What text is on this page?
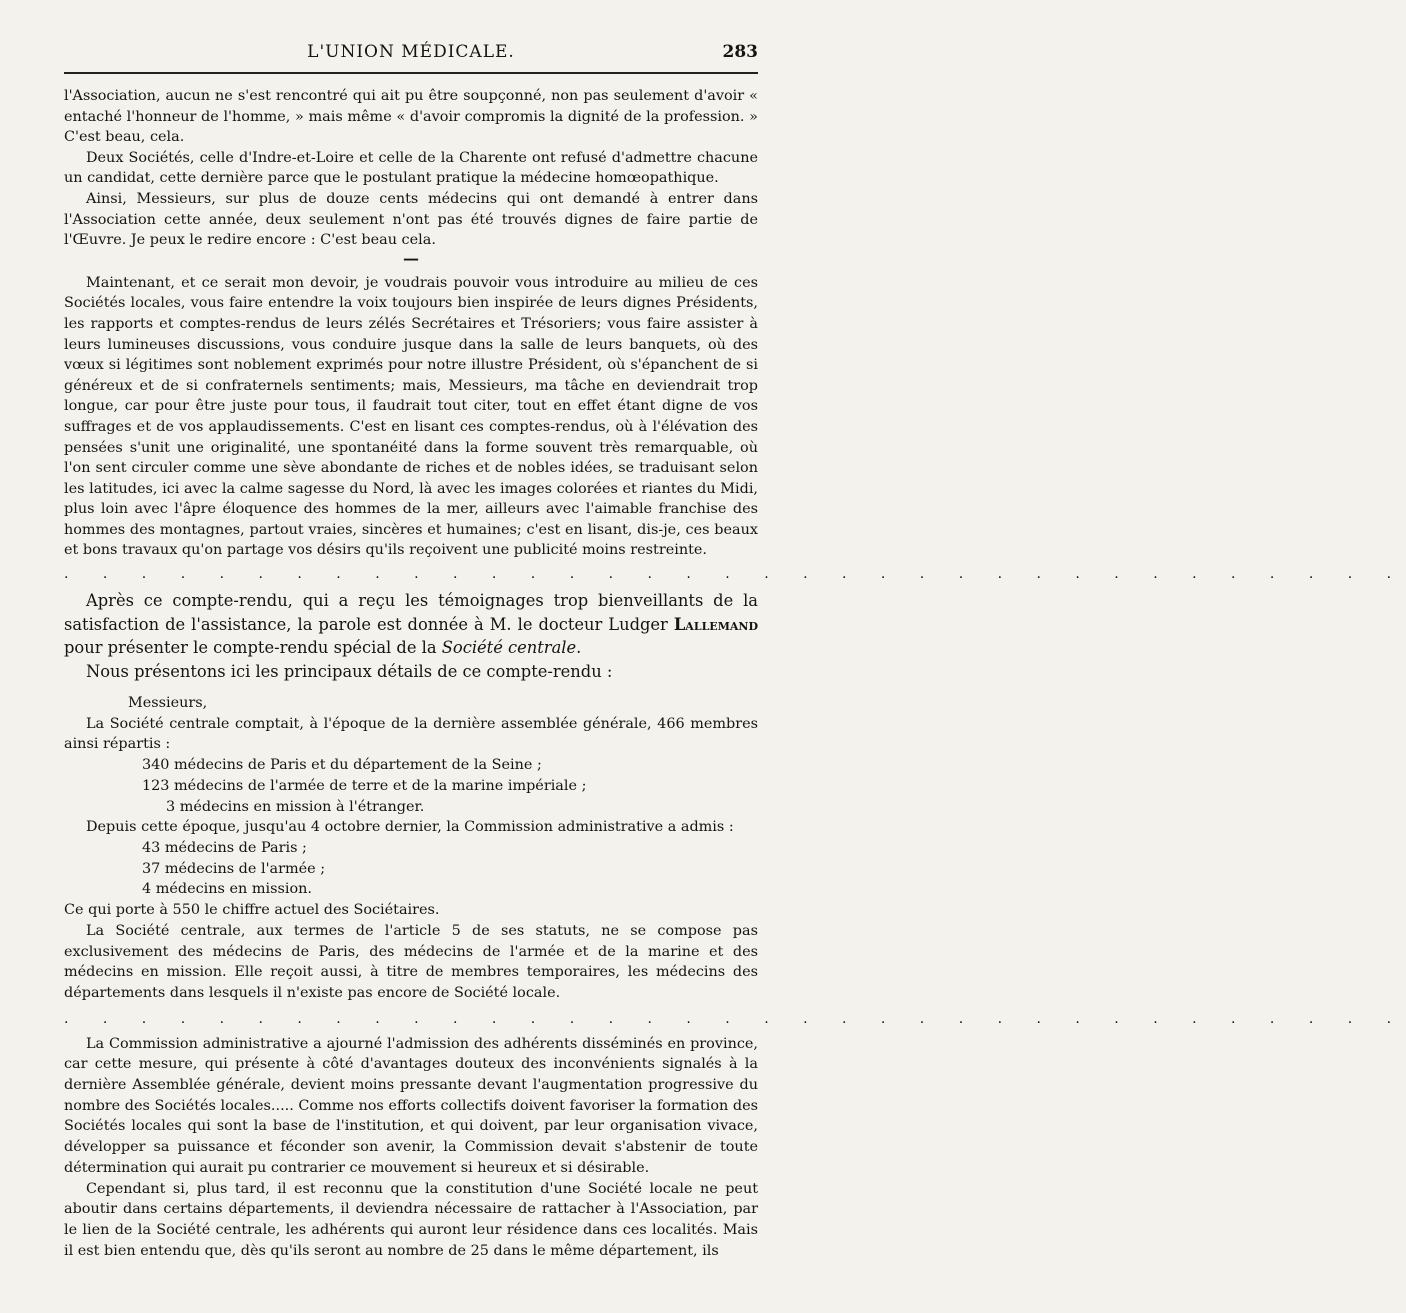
L'UNION MÉDICALE.	283

l'Association, aucun ne s'est rencontré qui ait pu être soupçonné, non pas seulement d'avoir « entaché l'honneur de l'homme, » mais même « d'avoir compromis la dignité de la profession. » C'est beau, cela.

Deux Sociétés, celle d'Indre-et-Loire et celle de la Charente ont refusé d'admettre chacune un candidat, cette dernière parce que le postulant pratique la médecine homœopathique.

Ainsi, Messieurs, sur plus de douze cents médecins qui ont demandé à entrer dans l'Association cette année, deux seulement n'ont pas été trouvés dignes de faire partie de l'Œuvre. Je peux le redire encore : C'est beau cela.

—

Maintenant, et ce serait mon devoir, je voudrais pouvoir vous introduire au milieu de ces Sociétés locales, vous faire entendre la voix toujours bien inspirée de leurs dignes Présidents, les rapports et comptes-rendus de leurs zélés Secrétaires et Trésoriers; vous faire assister à leurs lumineuses discussions, vous conduire jusque dans la salle de leurs banquets, où des vœux si légitimes sont noblement exprimés pour notre illustre Président, où s'épanchent de si généreux et de si confraternels sentiments; mais, Messieurs, ma tâche en deviendrait trop longue, car pour être juste pour tous, il faudrait tout citer, tout en effet étant digne de vos suffrages et de vos applaudissements. C'est en lisant ces comptes-rendus, où à l'élévation des pensées s'unit une originalité, une spontanéité dans la forme souvent très remarquable, où l'on sent circuler comme une sève abondante de riches et de nobles idées, se traduisant selon les latitudes, ici avec la calme sagesse du Nord, là avec les images colorées et riantes du Midi, plus loin avec l'âpre éloquence des hommes de la mer, ailleurs avec l'aimable franchise des hommes des montagnes, partout vraies, sincères et humaines; c'est en lisant, dis-je, ces beaux et bons travaux qu'on partage vos désirs qu'ils reçoivent une publicité moins restreinte.

. . . . . . . . . . . . . . . . . . . . . . . . . . . . . . . . . . .

Après ce compte-rendu, qui a reçu les témoignages trop bienveillants de la satisfaction de l'assistance, la parole est donnée à M. le docteur Ludger Lallemand pour présenter le compte-rendu spécial de la Société centrale.

Nous présentons ici les principaux détails de ce compte-rendu :

Messieurs,

La Société centrale comptait, à l'époque de la dernière assemblée générale, 466 membres ainsi répartis :

340 médecins de Paris et du département de la Seine ;

123 médecins de l'armée de terre et de la marine impériale ;

3 médecins en mission à l'étranger.

Depuis cette époque, jusqu'au 4 octobre dernier, la Commission administrative a admis :

43 médecins de Paris ;

37 médecins de l'armée ;

4 médecins en mission.

Ce qui porte à 550 le chiffre actuel des Sociétaires.

La Société centrale, aux termes de l'article 5 de ses statuts, ne se compose pas exclusivement des médecins de Paris, des médecins de l'armée et de la marine et des médecins en mission. Elle reçoit aussi, à titre de membres temporaires, les médecins des départements dans lesquels il n'existe pas encore de Société locale.

. . . . . . . . . . . . . . . . . . . . . . . . . . . . . . . . . . .

La Commission administrative a ajourné l'admission des adhérents disséminés en province, car cette mesure, qui présente à côté d'avantages douteux des inconvénients signalés à la dernière Assemblée générale, devient moins pressante devant l'augmentation progressive du nombre des Sociétés locales..... Comme nos efforts collectifs doivent favoriser la formation des Sociétés locales qui sont la base de l'institution, et qui doivent, par leur organisation vivace, développer sa puissance et féconder son avenir, la Commission devait s'abstenir de toute détermination qui aurait pu contrarier ce mouvement si heureux et si désirable.

Cependant si, plus tard, il est reconnu que la constitution d'une Société locale ne peut aboutir dans certains départements, il deviendra nécessaire de rattacher à l'Association, par le lien de la Société centrale, les adhérents qui auront leur résidence dans ces localités. Mais il est bien entendu que, dès qu'ils seront au nombre de 25 dans le même département, ils
